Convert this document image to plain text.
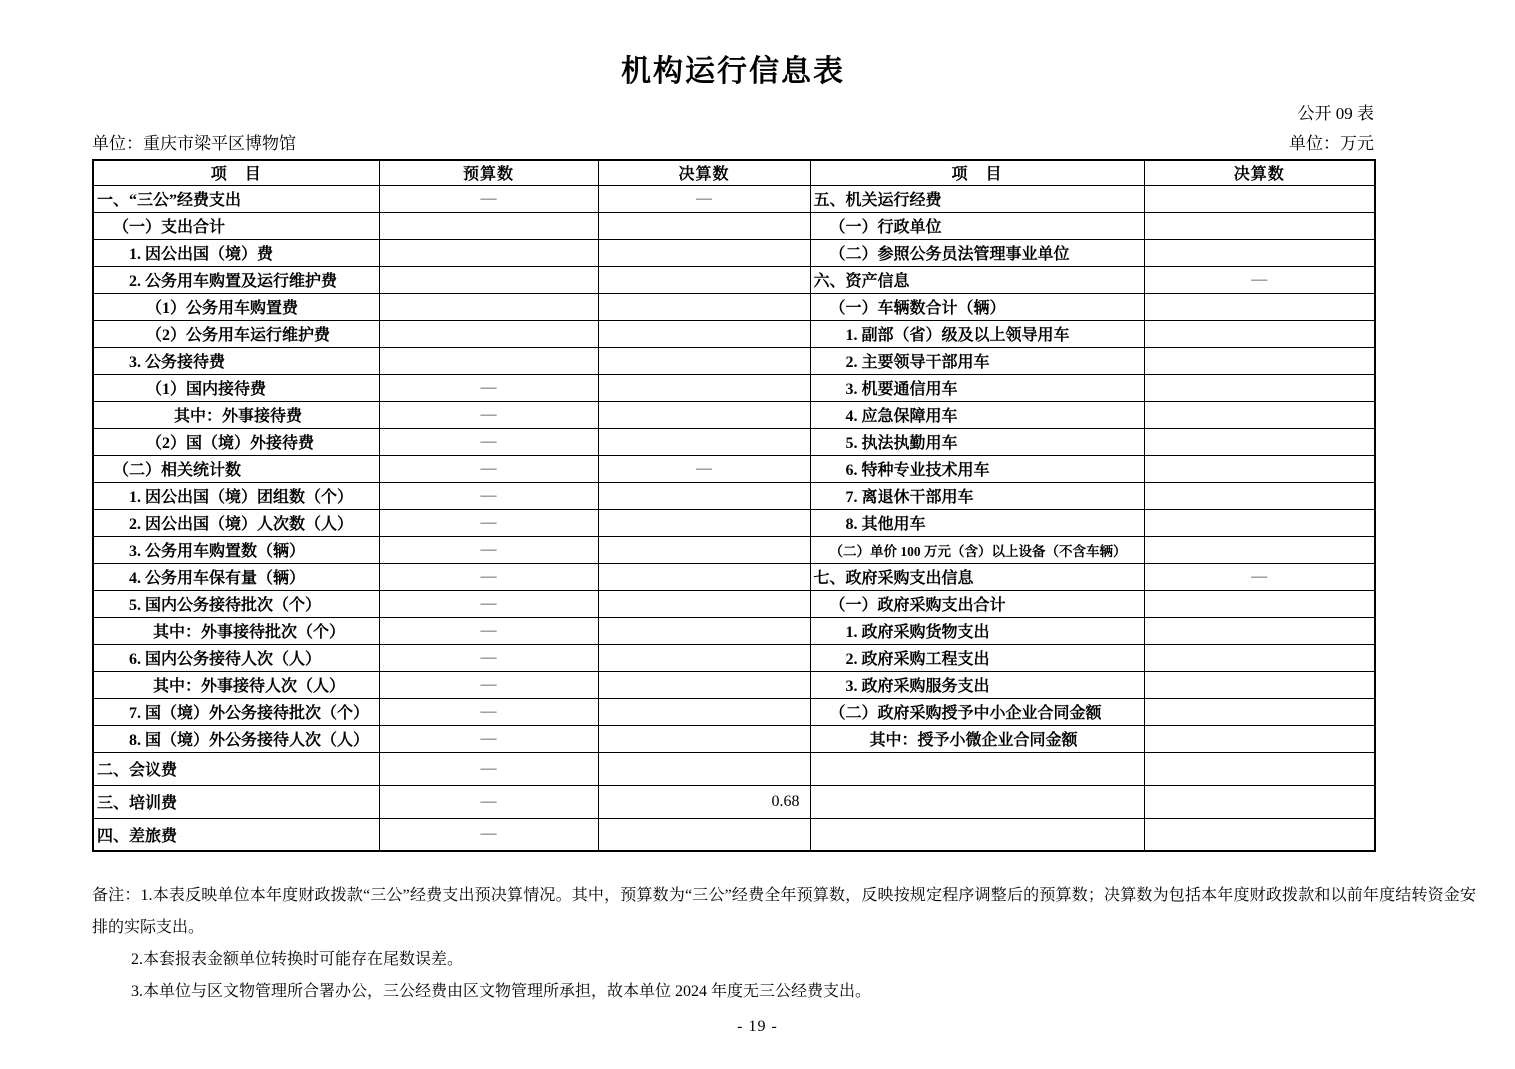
机构运行信息表
公开 09 表
单位：重庆市梁平区博物馆	单位：万元
项　目	预算数	决算数	项　目	决算数
一、“三公”经费支出	—	—	五、机关运行经费	
（一）支出合计			（一）行政单位	
1. 因公出国（境）费			（二）参照公务员法管理事业单位	
2. 公务用车购置及运行维护费			六、资产信息	—
（1）公务用车购置费			（一）车辆数合计（辆）	
（2）公务用车运行维护费			1. 副部（省）级及以上领导用车	
3. 公务接待费			2. 主要领导干部用车	
（1）国内接待费	—		3. 机要通信用车	
其中：外事接待费	—		4. 应急保障用车	
（2）国（境）外接待费	—		5. 执法执勤用车	
（二）相关统计数	—	—	6. 特种专业技术用车	
1. 因公出国（境）团组数（个）	—		7. 离退休干部用车	
2. 因公出国（境）人次数（人）	—		8. 其他用车	
3. 公务用车购置数（辆）	—		（二）单价 100 万元（含）以上设备（不含车辆）	
4. 公务用车保有量（辆）	—		七、政府采购支出信息	—
5. 国内公务接待批次（个）	—		（一）政府采购支出合计	
其中：外事接待批次（个）	—		1. 政府采购货物支出	
6. 国内公务接待人次（人）	—		2. 政府采购工程支出	
其中：外事接待人次（人）	—		3. 政府采购服务支出	
7. 国（境）外公务接待批次（个）	—		（二）政府采购授予中小企业合同金额	
8. 国（境）外公务接待人次（人）	—		其中：授予小微企业合同金额	
二、会议费	—			
三、培训费	—	0.68		
四、差旅费	—			

备注：1.本表反映单位本年度财政拨款“三公”经费支出预决算情况。其中，预算数为“三公”经费全年预算数，反映按规定程序调整后的预算数；决算数为包括本年度财政拨款和以前年度结转资金安排的实际支出。

2.本套报表金额单位转换时可能存在尾数误差。

3.本单位与区文物管理所合署办公，三公经费由区文物管理所承担，故本单位 2024 年度无三公经费支出。

- 19 -
